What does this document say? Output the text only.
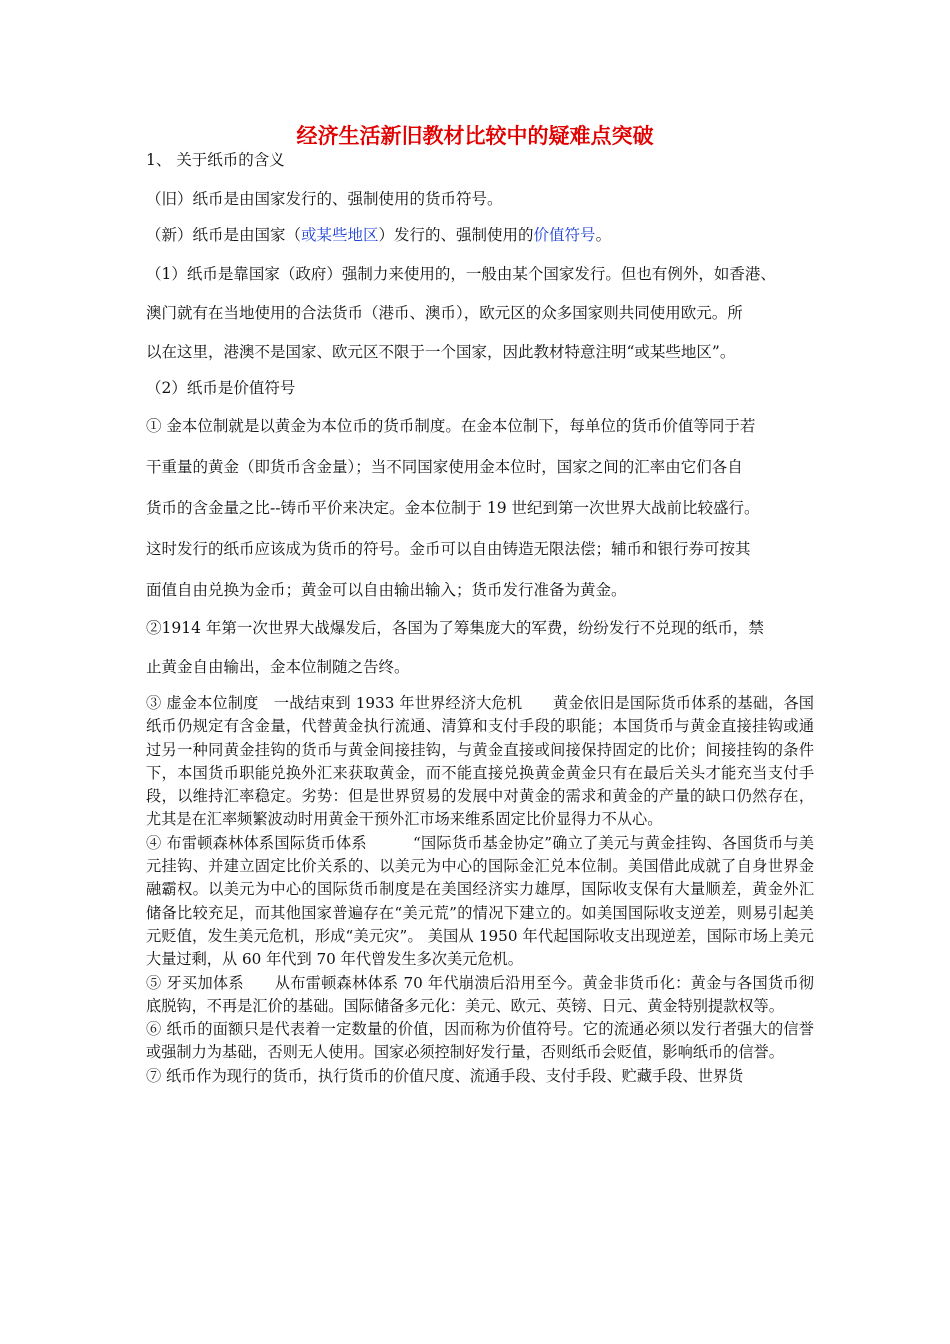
经济生活新旧教材比较中的疑难点突破
1、 关于纸币的含义
（旧）纸币是由国家发行的、强制使用的货币符号。
（新）纸币是由国家（或某些地区）发行的、强制使用的价值符号。
（1）纸币是靠国家（政府）强制力来使用的，一般由某个国家发行。但也有例外，如香港、
澳门就有在当地使用的合法货币（港币、澳币），欧元区的众多国家则共同使用欧元。所
以在这里，港澳不是国家、欧元区不限于一个国家，因此教材特意注明“或某些地区”。
（2）纸币是价值符号
① 金本位制就是以黄金为本位币的货币制度。在金本位制下，每单位的货币价值等同于若
干重量的黄金（即货币含金量）；当不同国家使用金本位时，国家之间的汇率由它们各自
货币的含金量之比--铸币平价来决定。金本位制于 19 世纪到第一次世界大战前比较盛行。
这时发行的纸币应该成为货币的符号。金币可以自由铸造无限法偿；辅币和银行券可按其
面值自由兑换为金币；黄金可以自由输出输入；货币发行准备为黄金。
②1914 年第一次世界大战爆发后，各国为了筹集庞大的军费，纷纷发行不兑现的纸币，禁
止黄金自由输出，金本位制随之告终。

③ 虚金本位制度　一战结束到 1933 年世界经济大危机　　黄金依旧是国际货币体系的基础，各国纸币仍规定有含金量，代替黄金执行流通、清算和支付手段的职能；本国货币与黄金直接挂钩或通过另一种同黄金挂钩的货币与黄金间接挂钩，与黄金直接或间接保持固定的比价；间接挂钩的条件下，本国货币职能兑换外汇来获取黄金，而不能直接兑换黄金黄金只有在最后关头才能充当支付手段，以维持汇率稳定。劣势：但是世界贸易的发展中对黄金的需求和黄金的产量的缺口仍然存在，尤其是在汇率频繁波动时用黄金干预外汇市场来维系固定比价显得力不从心。

④ 布雷顿森林体系国际货币体系　　　“国际货币基金协定”确立了美元与黄金挂钩、各国货币与美元挂钩、并建立固定比价关系的、以美元为中心的国际金汇兑本位制。美国借此成就了自身世界金融霸权。以美元为中心的国际货币制度是在美国经济实力雄厚，国际收支保有大量顺差，黄金外汇储备比较充足，而其他国家普遍存在“美元荒”的情况下建立的。如美国国际收支逆差，则易引起美元贬值，发生美元危机，形成“美元灾”。 美国从 1950 年代起国际收支出现逆差，国际市场上美元大量过剩，从 60 年代到 70 年代曾发生多次美元危机。

⑤ 牙买加体系　　从布雷顿森林体系 70 年代崩溃后沿用至今。黄金非货币化：黄金与各国货币彻底脱钩，不再是汇价的基础。国际储备多元化：美元、欧元、英镑、日元、黄金特别提款权等。

⑥ 纸币的面额只是代表着一定数量的价值，因而称为价值符号。它的流通必须以发行者强大的信誉或强制力为基础，否则无人使用。国家必须控制好发行量，否则纸币会贬值，影响纸币的信誉。

⑦ 纸币作为现行的货币，执行货币的价值尺度、流通手段、支付手段、贮藏手段、世界货
